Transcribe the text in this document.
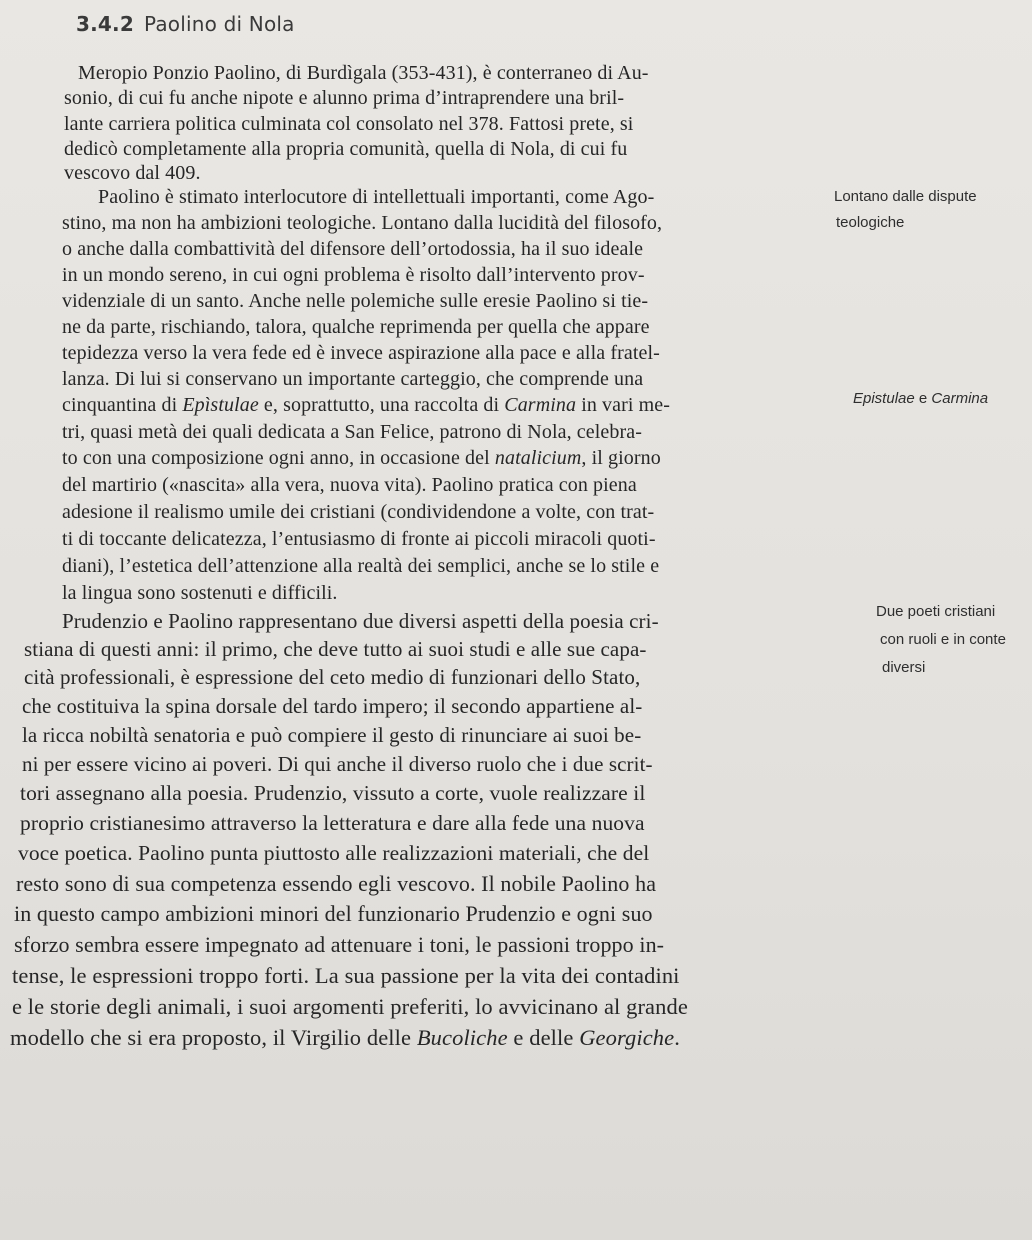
3.4.2 Paolino di Nola
Meropio Ponzio Paolino, di Burdìgala (353-431), è conterraneo di Au-
sonio, di cui fu anche nipote e alunno prima d’intraprendere una bril-
lante carriera politica culminata col consolato nel 378. Fattosi prete, si
dedicò completamente alla propria comunità, quella di Nola, di cui fu
vescovo dal 409.
Paolino è stimato interlocutore di intellettuali importanti, come Ago-
stino, ma non ha ambizioni teologiche. Lontano dalla lucidità del filosofo,
o anche dalla combattività del difensore dell’ortodossia, ha il suo ideale
in un mondo sereno, in cui ogni problema è risolto dall’intervento prov-
videnziale di un santo. Anche nelle polemiche sulle eresie Paolino si tie-
ne da parte, rischiando, talora, qualche reprimenda per quella che appare
tepidezza verso la vera fede ed è invece aspirazione alla pace e alla fratel-
lanza. Di lui si conservano un importante carteggio, che comprende una
cinquantina di Epìstulae e, soprattutto, una raccolta di Carmina in vari me-
tri, quasi metà dei quali dedicata a San Felice, patrono di Nola, celebra-
to con una composizione ogni anno, in occasione del natalicium, il giorno
del martirio («nascita» alla vera, nuova vita). Paolino pratica con piena
adesione il realismo umile dei cristiani (condividendone a volte, con trat-
ti di toccante delicatezza, l’entusiasmo di fronte ai piccoli miracoli quoti-
diani), l’estetica dell’attenzione alla realtà dei semplici, anche se lo stile e
la lingua sono sostenuti e difficili.
Prudenzio e Paolino rappresentano due diversi aspetti della poesia cri-
stiana di questi anni: il primo, che deve tutto ai suoi studi e alle sue capa-
cità professionali, è espressione del ceto medio di funzionari dello Stato,
che costituiva la spina dorsale del tardo impero; il secondo appartiene al-
la ricca nobiltà senatoria e può compiere il gesto di rinunciare ai suoi be-
ni per essere vicino ai poveri. Di qui anche il diverso ruolo che i due scrit-
tori assegnano alla poesia. Prudenzio, vissuto a corte, vuole realizzare il
proprio cristianesimo attraverso la letteratura e dare alla fede una nuova
voce poetica. Paolino punta piuttosto alle realizzazioni materiali, che del
resto sono di sua competenza essendo egli vescovo. Il nobile Paolino ha
in questo campo ambizioni minori del funzionario Prudenzio e ogni suo
sforzo sembra essere impegnato ad attenuare i toni, le passioni troppo in-
tense, le espressioni troppo forti. La sua passione per la vita dei contadini
e le storie degli animali, i suoi argomenti preferiti, lo avvicinano al grande
modello che si era proposto, il Virgilio delle Bucoliche e delle Georgiche.
Lontano dalle dispute
teologiche
Epistulae e Carmina
Due poeti cristiani
con ruoli e in conte
diversi
